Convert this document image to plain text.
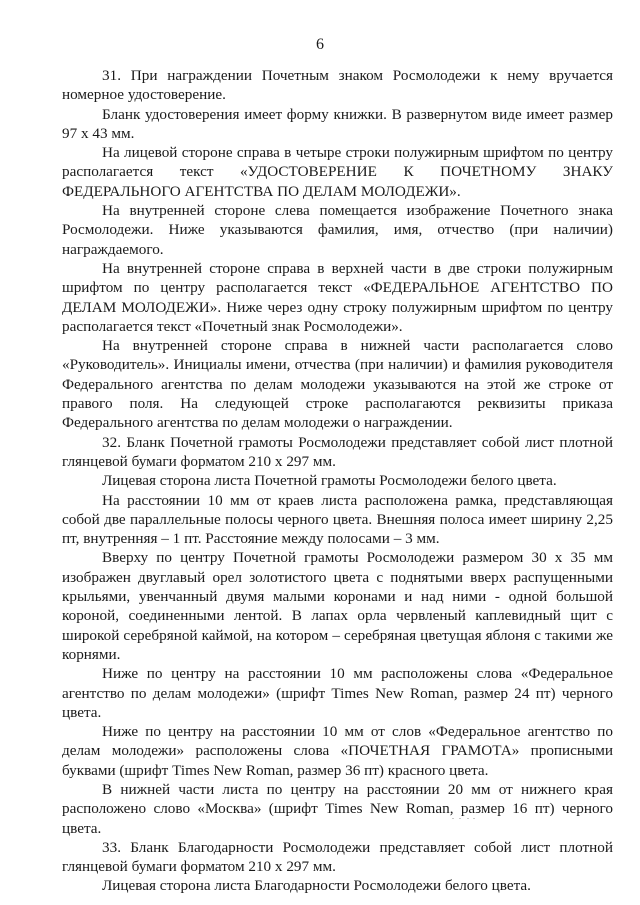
6

31. При награждении Почетным знаком Росмолодежи к нему вручается номерное удостоверение.

Бланк удостоверения имеет форму книжки. В развернутом виде имеет размер 97 х 43 мм.

На лицевой стороне справа в четыре строки полужирным шрифтом по центру располагается текст «УДОСТОВЕРЕНИЕ К ПОЧЕТНОМУ ЗНАКУ ФЕДЕРАЛЬНОГО АГЕНТСТВА ПО ДЕЛАМ МОЛОДЕЖИ».

На внутренней стороне слева помещается изображение Почетного знака Росмолодежи. Ниже указываются фамилия, имя, отчество (при наличии) награждаемого.

На внутренней стороне справа в верхней части в две строки полужирным шрифтом по центру располагается текст «ФЕДЕРАЛЬНОЕ АГЕНТСТВО ПО ДЕЛАМ МОЛОДЕЖИ». Ниже через одну строку полужирным шрифтом по центру располагается текст «Почетный знак Росмолодежи».

На внутренней стороне справа в нижней части располагается слово «Руководитель». Инициалы имени, отчества (при наличии) и фамилия руководителя Федерального агентства по делам молодежи указываются на этой же строке от правого поля. На следующей строке располагаются реквизиты приказа Федерального агентства по делам молодежи о награждении.

32. Бланк Почетной грамоты Росмолодежи представляет собой лист плотной глянцевой бумаги форматом 210 х 297 мм.

Лицевая сторона листа Почетной грамоты Росмолодежи белого цвета.

На расстоянии 10 мм от краев листа расположена рамка, представляющая собой две параллельные полосы черного цвета. Внешняя полоса имеет ширину 2,25 пт, внутренняя – 1 пт. Расстояние между полосами – 3 мм.

Вверху по центру Почетной грамоты Росмолодежи размером 30 х 35 мм изображен двуглавый орел золотистого цвета с поднятыми вверх распущенными крыльями, увенчанный двумя малыми коронами и над ними - одной большой короной, соединенными лентой. В лапах орла червленый каплевидный щит с широкой серебряной каймой, на котором – серебряная цветущая яблоня с такими же корнями.

Ниже по центру на расстоянии 10 мм расположены слова «Федеральное агентство по делам молодежи» (шрифт Times New Roman, размер 24 пт) черного цвета.

Ниже по центру на расстоянии 10 мм от слов «Федеральное агентство по делам молодежи» расположены слова «ПОЧЕТНАЯ ГРАМОТА» прописными буквами (шрифт Times New Roman, размер 36 пт) красного цвета.

В нижней части листа по центру на расстоянии 20 мм от нижнего края расположено слово «Москва» (шрифт Times New Roman, размер 16 пт) черного цвета.

33. Бланк Благодарности Росмолодежи представляет собой лист плотной глянцевой бумаги форматом 210 х 297 мм.

Лицевая сторона листа Благодарности Росмолодежи белого цвета.
